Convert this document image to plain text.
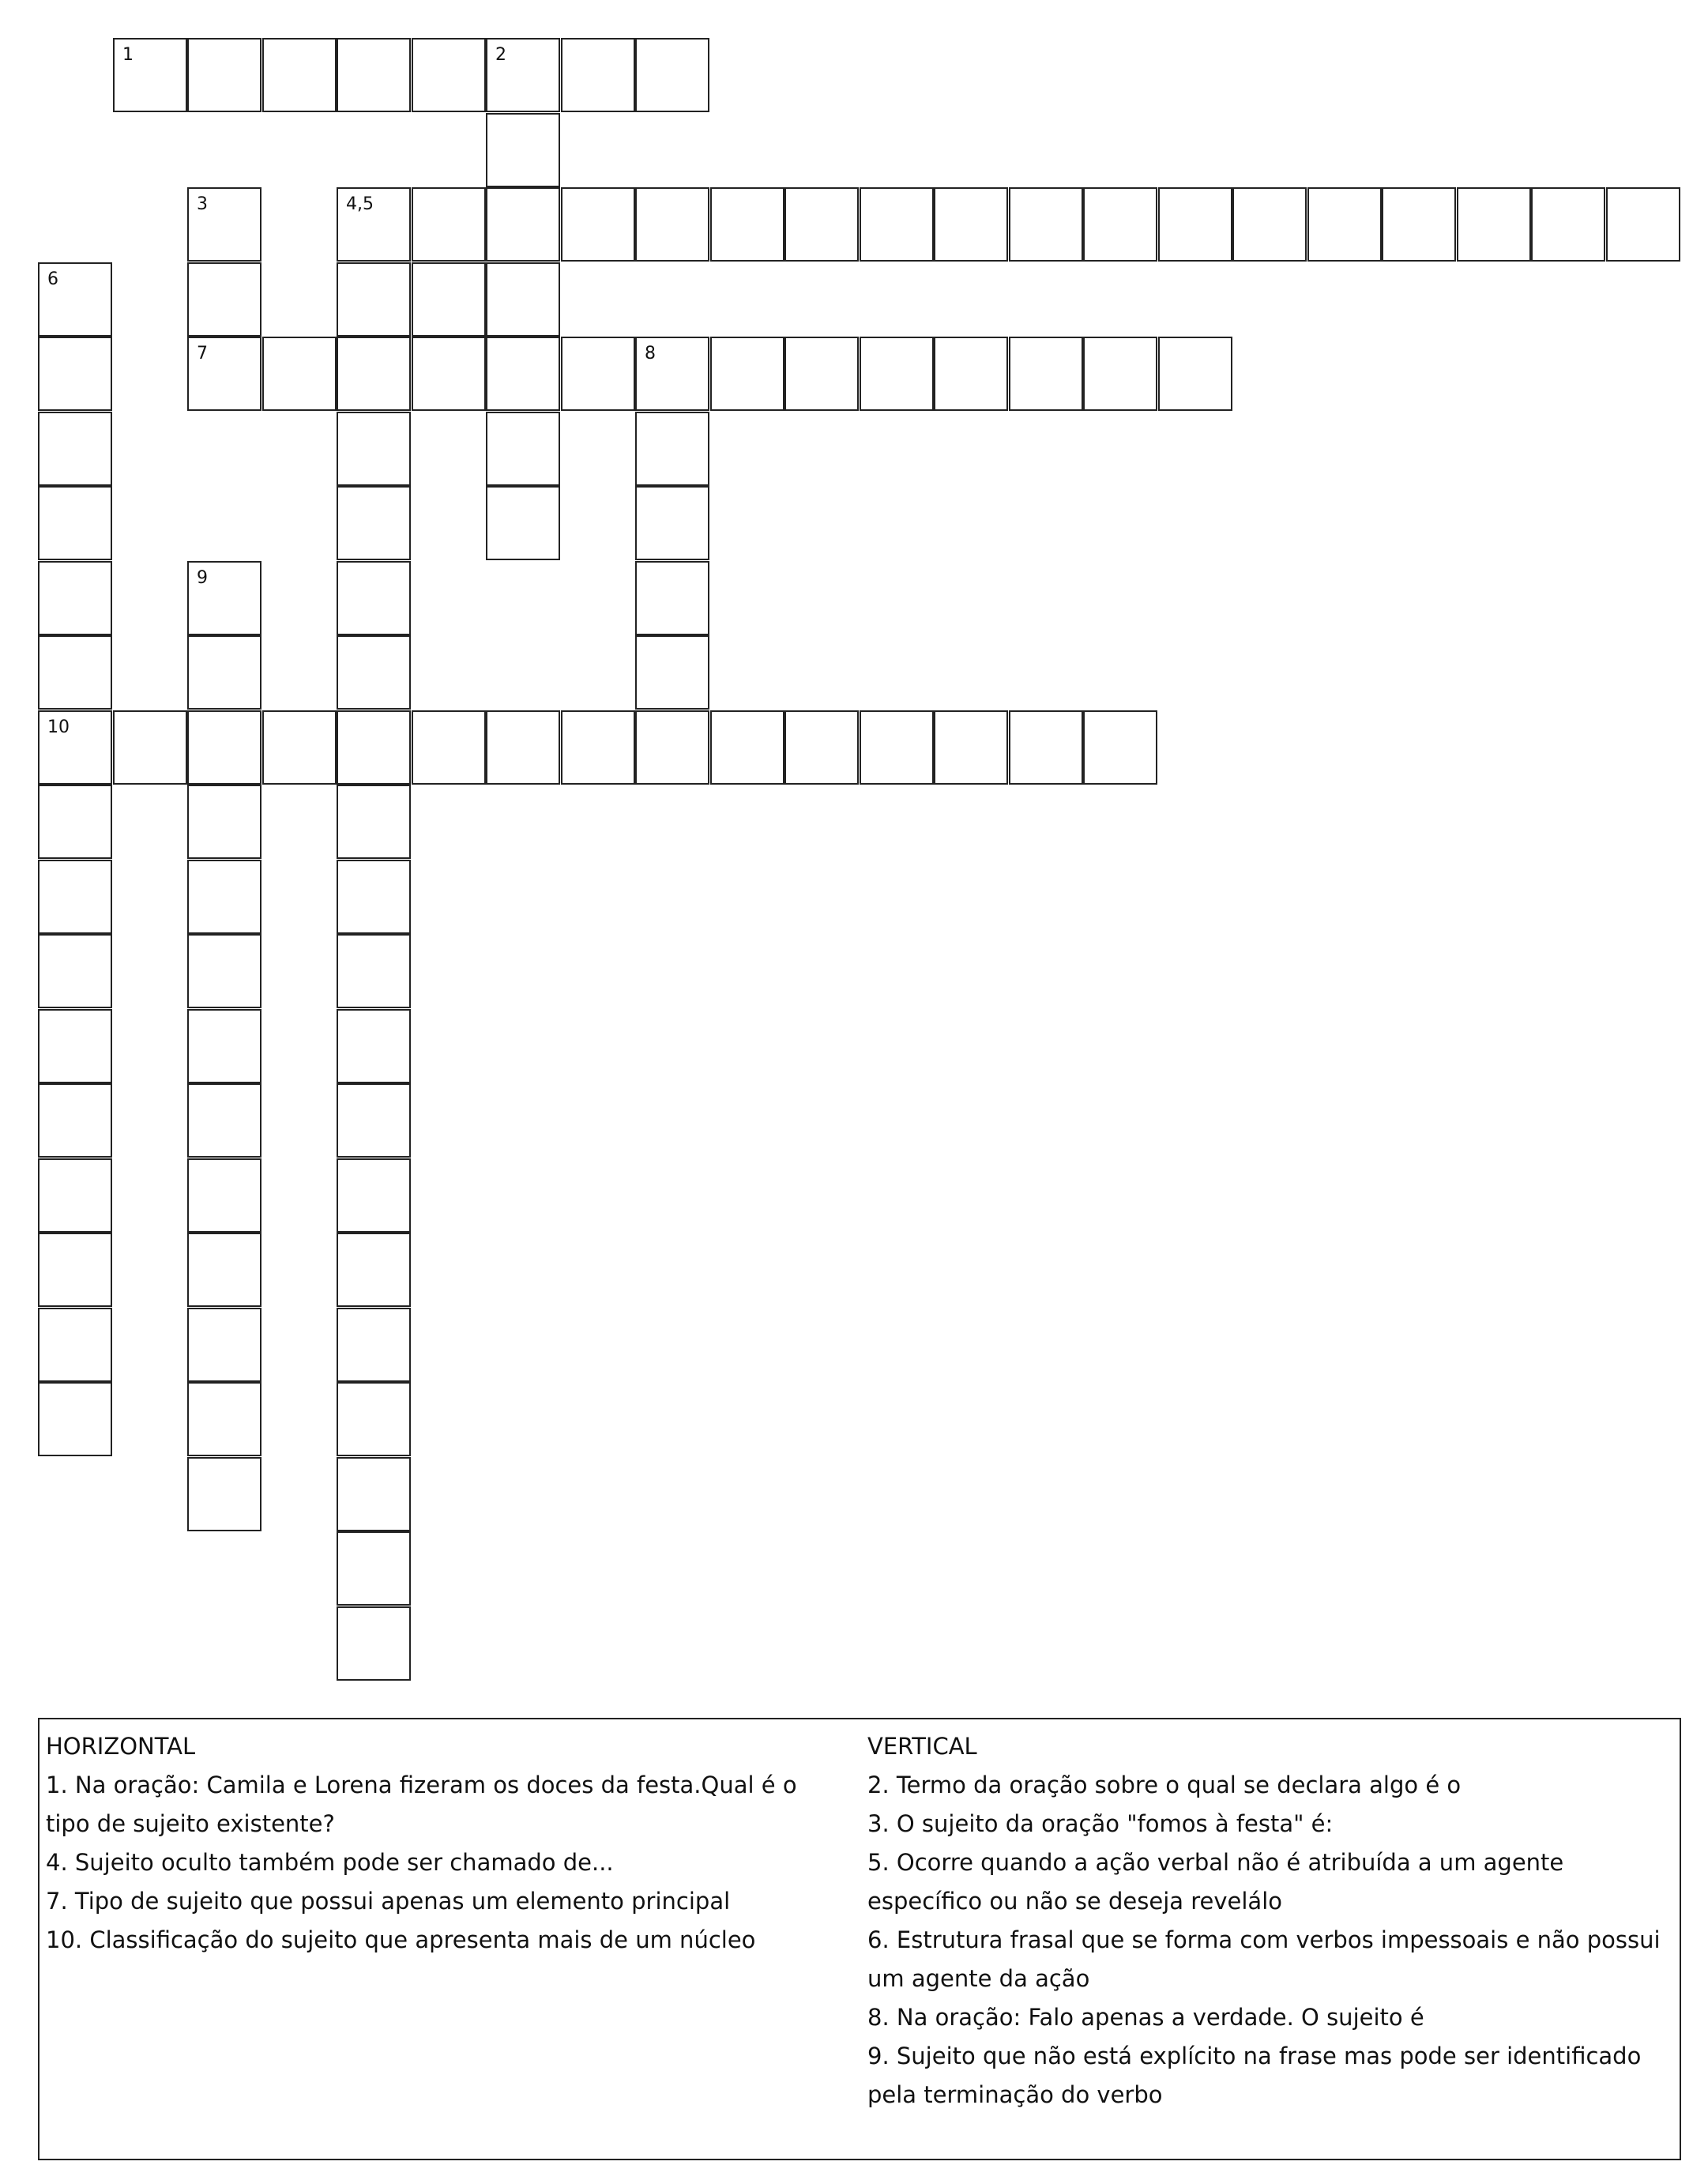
1	2
3	4,5
6
7	8
9
10
HORIZONTAL
1. Na oração: Camila e Lorena fizeram os doces da festa.Qual é o tipo de sujeito existente?
4. Sujeito oculto também pode ser chamado de...
7. Tipo de sujeito que possui apenas um elemento principal
10. Classificação do sujeito que apresenta mais de um núcleo
VERTICAL
2. Termo da oração sobre o qual se declara algo é o
3. O sujeito da oração "fomos à festa" é:
5. Ocorre quando a ação verbal não é atribuída a um agente específico ou não se deseja revelálo
6. Estrutura frasal que se forma com verbos impessoais e não possui um agente da ação
8. Na oração: Falo apenas a verdade. O sujeito é
9. Sujeito que não está explícito na frase mas pode ser identificado pela terminação do verbo
